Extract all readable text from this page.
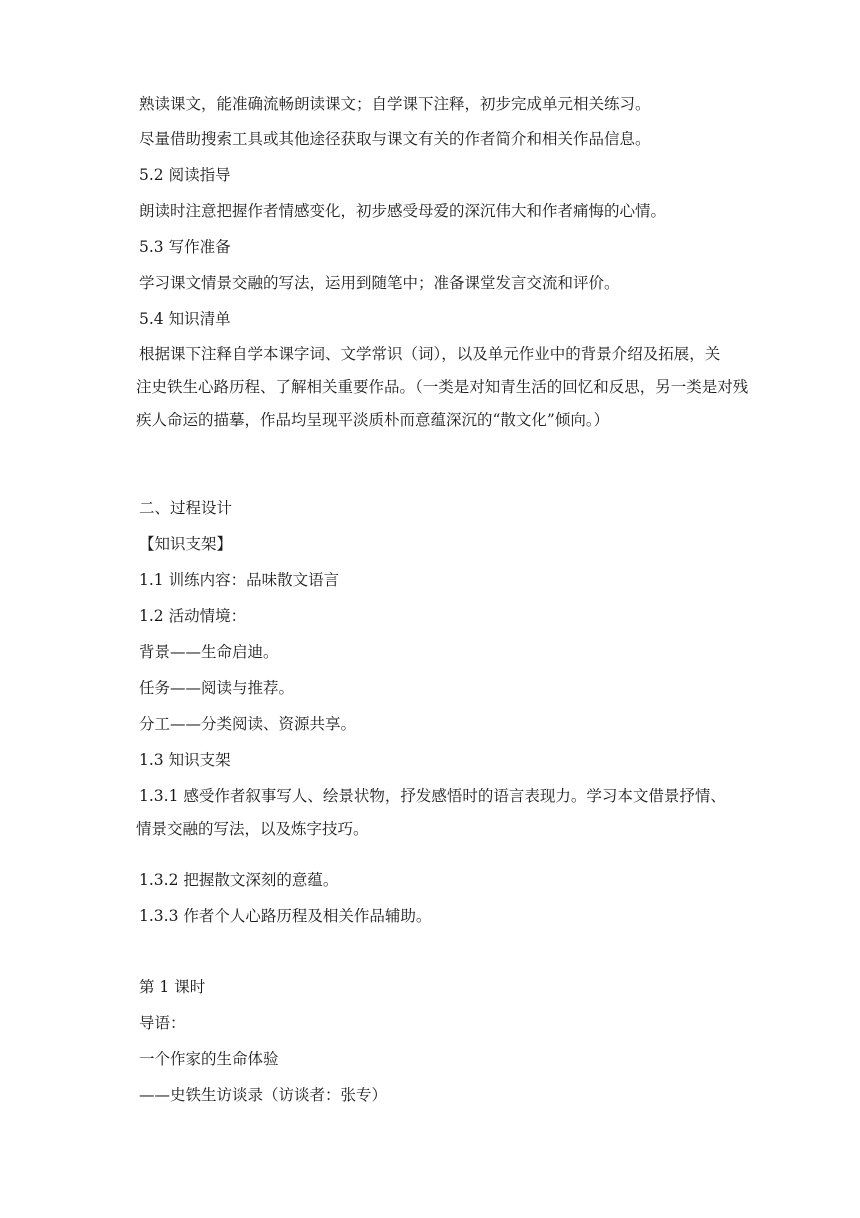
熟读课文，能准确流畅朗读课文；自学课下注释，初步完成单元相关练习。
尽量借助搜索工具或其他途径获取与课文有关的作者简介和相关作品信息。
5.2 阅读指导
朗读时注意把握作者情感变化，初步感受母爱的深沉伟大和作者痛悔的心情。
5.3 写作准备
学习课文情景交融的写法，运用到随笔中；准备课堂发言交流和评价。
5.4 知识清单
根据课下注释自学本课字词、文学常识（词），以及单元作业中的背景介绍及拓展，关
注史铁生心路历程、了解相关重要作品。（一类是对知青生活的回忆和反思，另一类是对残疾人命运的描摹，作品均呈现平淡质朴而意蕴深沉的“散文化”倾向。）
二、过程设计
【知识支架】
1.1 训练内容：品味散文语言
1.2 活动情境：
背景——生命启迪。
任务——阅读与推荐。
分工——分类阅读、资源共享。
1.3 知识支架
1.3.1 感受作者叙事写人、绘景状物，抒发感悟时的语言表现力。学习本文借景抒情、
情景交融的写法，以及炼字技巧。
1.3.2 把握散文深刻的意蕴。
1.3.3 作者个人心路历程及相关作品辅助。
第 1 课时
导语：
一个作家的生命体验
——史铁生访谈录（访谈者：张专）
